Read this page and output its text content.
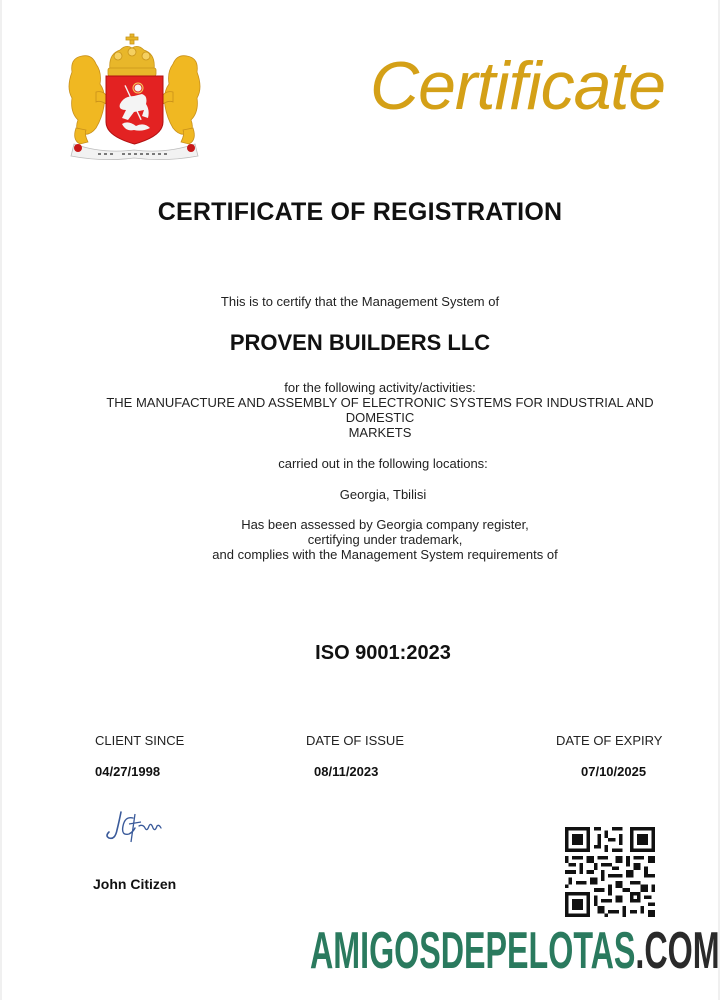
Certificate
CERTIFICATE OF REGISTRATION
This is to certify that the Management System of
PROVEN BUILDERS LLC
for the following activity/activities:
THE MANUFACTURE AND ASSEMBLY OF ELECTRONIC SYSTEMS FOR INDUSTRIAL AND
DOMESTIC
MARKETS
carried out in the following locations:
Georgia, Tbilisi
Has been assessed by Georgia company register,
certifying under trademark,
and complies with the Management System requirements of
ISO 9001:2023
CLIENT SINCE
04/27/1998
DATE OF ISSUE
08/11/2023
DATE OF EXPIRY
07/10/2025
John Citizen
AMIGOSDEPELOTAS.COM
